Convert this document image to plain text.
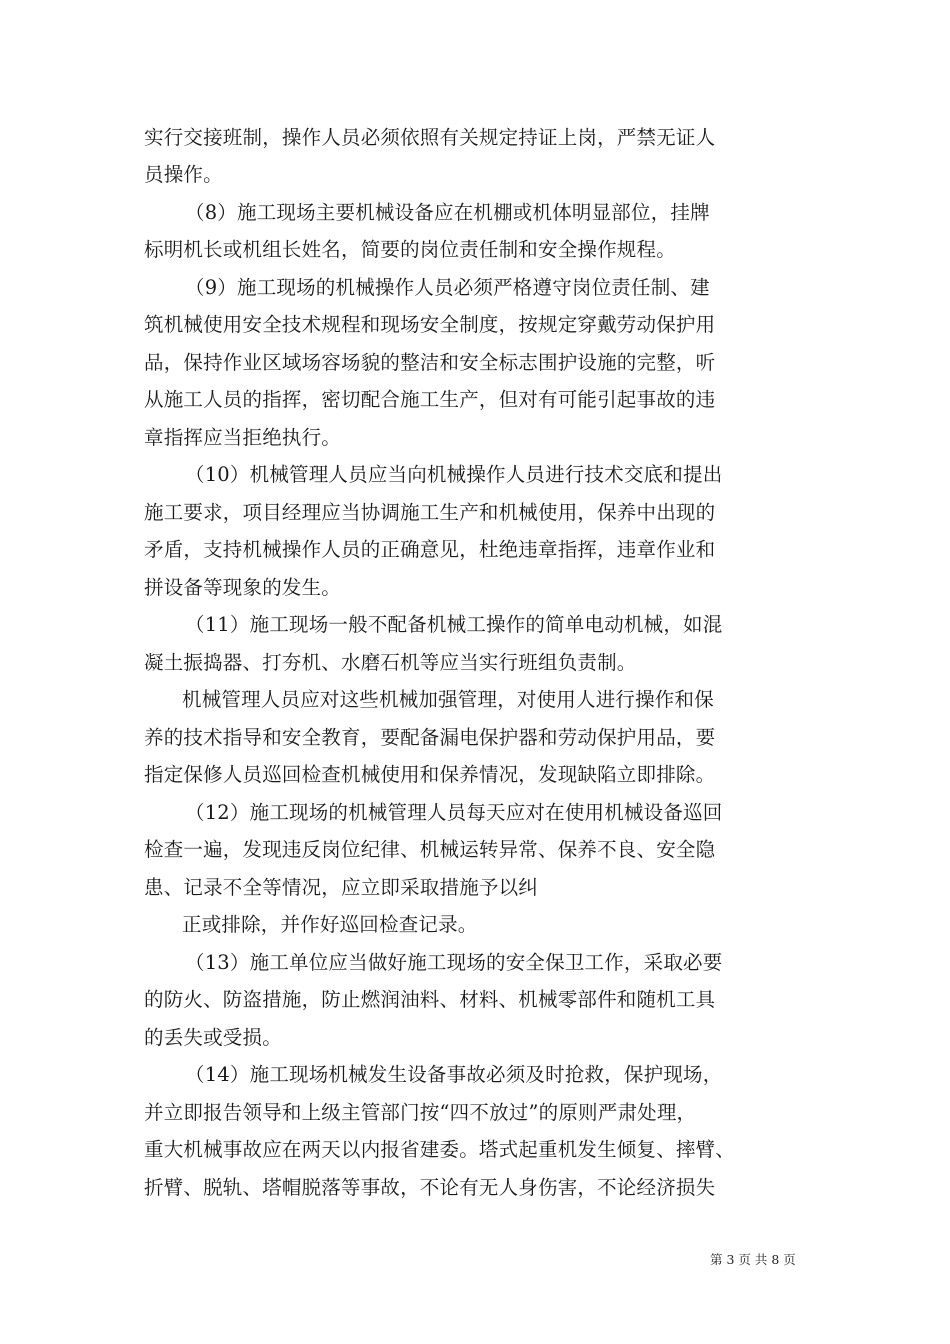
实行交接班制，操作人员必须依照有关规定持证上岗，严禁无证人
员操作。
（8）施工现场主要机械设备应在机棚或机体明显部位，挂牌
标明机长或机组长姓名，简要的岗位责任制和安全操作规程。
（9）施工现场的机械操作人员必须严格遵守岗位责任制、建
筑机械使用安全技术规程和现场安全制度，按规定穿戴劳动保护用
品，保持作业区域场容场貌的整洁和安全标志围护设施的完整，听
从施工人员的指挥，密切配合施工生产，但对有可能引起事故的违
章指挥应当拒绝执行。
（10）机械管理人员应当向机械操作人员进行技术交底和提出
施工要求，项目经理应当协调施工生产和机械使用，保养中出现的
矛盾，支持机械操作人员的正确意见，杜绝违章指挥，违章作业和
拼设备等现象的发生。
（11）施工现场一般不配备机械工操作的简单电动机械，如混
凝土振捣器、打夯机、水磨石机等应当实行班组负责制。
机械管理人员应对这些机械加强管理，对使用人进行操作和保
养的技术指导和安全教育，要配备漏电保护器和劳动保护用品，要
指定保修人员巡回检查机械使用和保养情况，发现缺陷立即排除。
（12）施工现场的机械管理人员每天应对在使用机械设备巡回
检查一遍，发现违反岗位纪律、机械运转异常、保养不良、安全隐
患、记录不全等情况，应立即采取措施予以纠
正或排除，并作好巡回检查记录。
（13）施工单位应当做好施工现场的安全保卫工作，采取必要
的防火、防盗措施，防止燃润油料、材料、机械零部件和随机工具
的丢失或受损。
（14）施工现场机械发生设备事故必须及时抢救，保护现场，
并立即报告领导和上级主管部门按“四不放过”的原则严肃处理，
重大机械事故应在两天以内报省建委。塔式起重机发生倾复、摔臂、
折臂、脱轨、塔帽脱落等事故，不论有无人身伤害，不论经济损失
第 3 页 共 8 页
